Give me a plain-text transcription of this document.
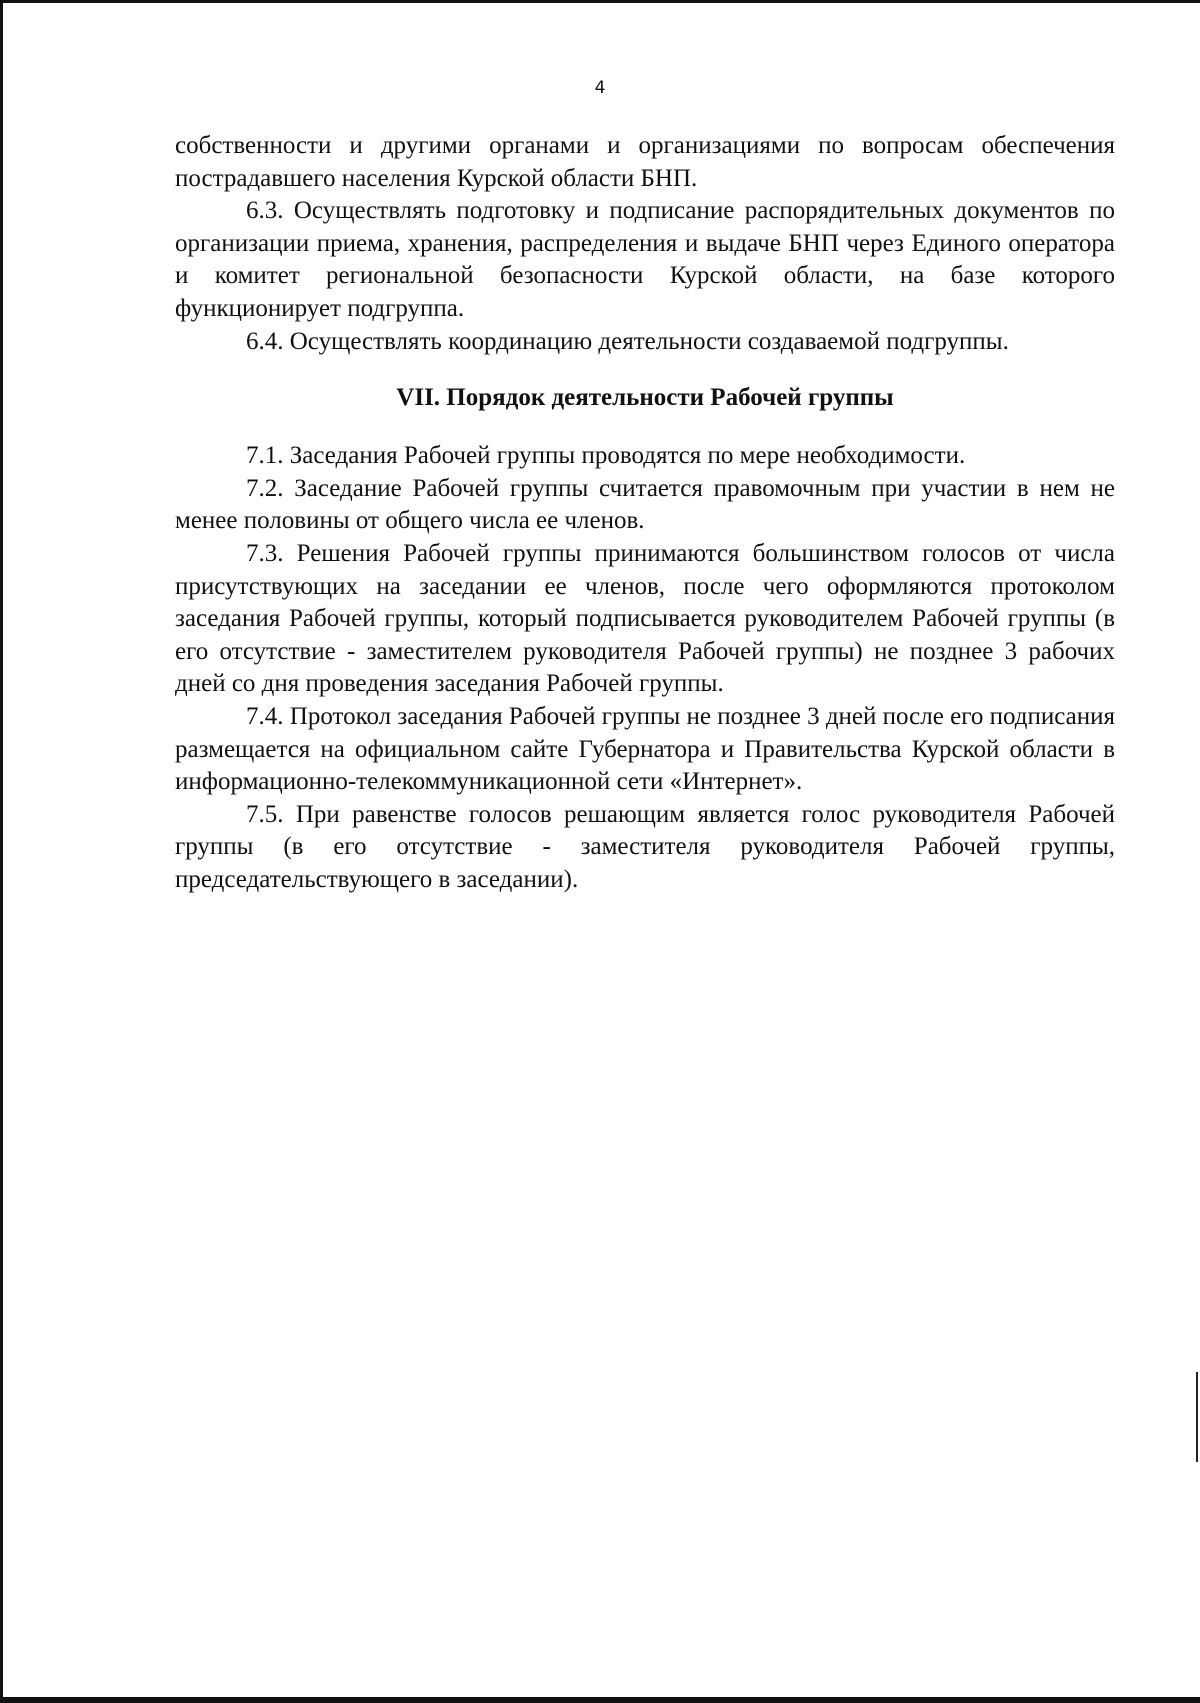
4

собственности и другими органами и организациями по вопросам обеспечения пострадавшего населения Курской области БНП.

6.3. Осуществлять подготовку и подписание распорядительных документов по организации приема, хранения, распределения и выдаче БНП через Единого оператора и комитет региональной безопасности Курской области, на базе которого функционирует подгруппа.

6.4. Осуществлять координацию деятельности создаваемой подгруппы.

VII. Порядок деятельности Рабочей группы

7.1. Заседания Рабочей группы проводятся по мере необходимости.

7.2. Заседание Рабочей группы считается правомочным при участии в нем не менее половины от общего числа ее членов.

7.3. Решения Рабочей группы принимаются большинством голосов от числа присутствующих на заседании ее членов, после чего оформляются протоколом заседания Рабочей группы, который подписывается руководителем Рабочей группы (в его отсутствие - заместителем руководителя Рабочей группы) не позднее 3 рабочих дней со дня проведения заседания Рабочей группы.

7.4. Протокол заседания Рабочей группы не позднее 3 дней после его подписания размещается на официальном сайте Губернатора и Правительства Курской области в информационно-телекоммуникационной сети «Интернет».

7.5. При равенстве голосов решающим является голос руководителя Рабочей группы (в его отсутствие - заместителя руководителя Рабочей группы, председательствующего в заседании).
